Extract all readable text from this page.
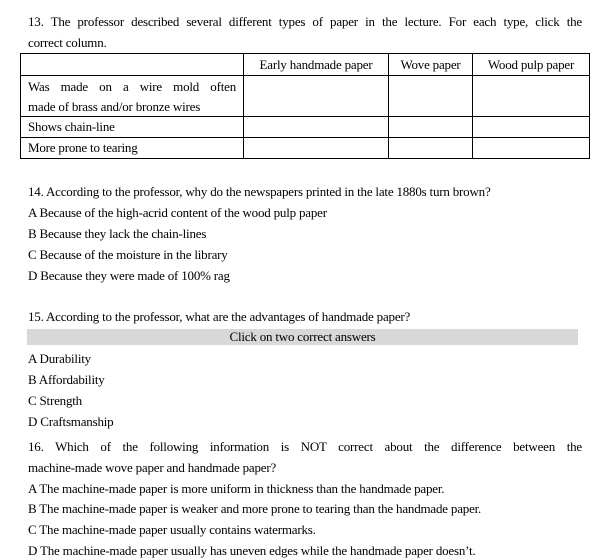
13. The professor described several different types of paper in the lecture. For each type, click the
correct column.
	Early handmade paper	Wove paper	Wood pulp paper

Was made on a wire mold often
made of brass and/or bronze wires			

Shows chain-line			
More prone to tearing			
14. According to the professor, why do the newspapers printed in the late 1880s turn brown?
A Because of the high-acrid content of the wood pulp paper
B Because they lack the chain-lines
C Because of the moisture in the library
D Because they were made of 100% rag
15. According to the professor, what are the advantages of handmade paper?
Click on two correct answers
A Durability
B Affordability
C Strength
D Craftsmanship
16. Which of the following information is NOT correct about the difference between the
machine-made wove paper and handmade paper?
A The machine-made paper is more uniform in thickness than the handmade paper.
B The machine-made paper is weaker and more prone to tearing than the handmade paper.
C The machine-made paper usually contains watermarks.
D The machine-made paper usually has uneven edges while the handmade paper doesn’t.
